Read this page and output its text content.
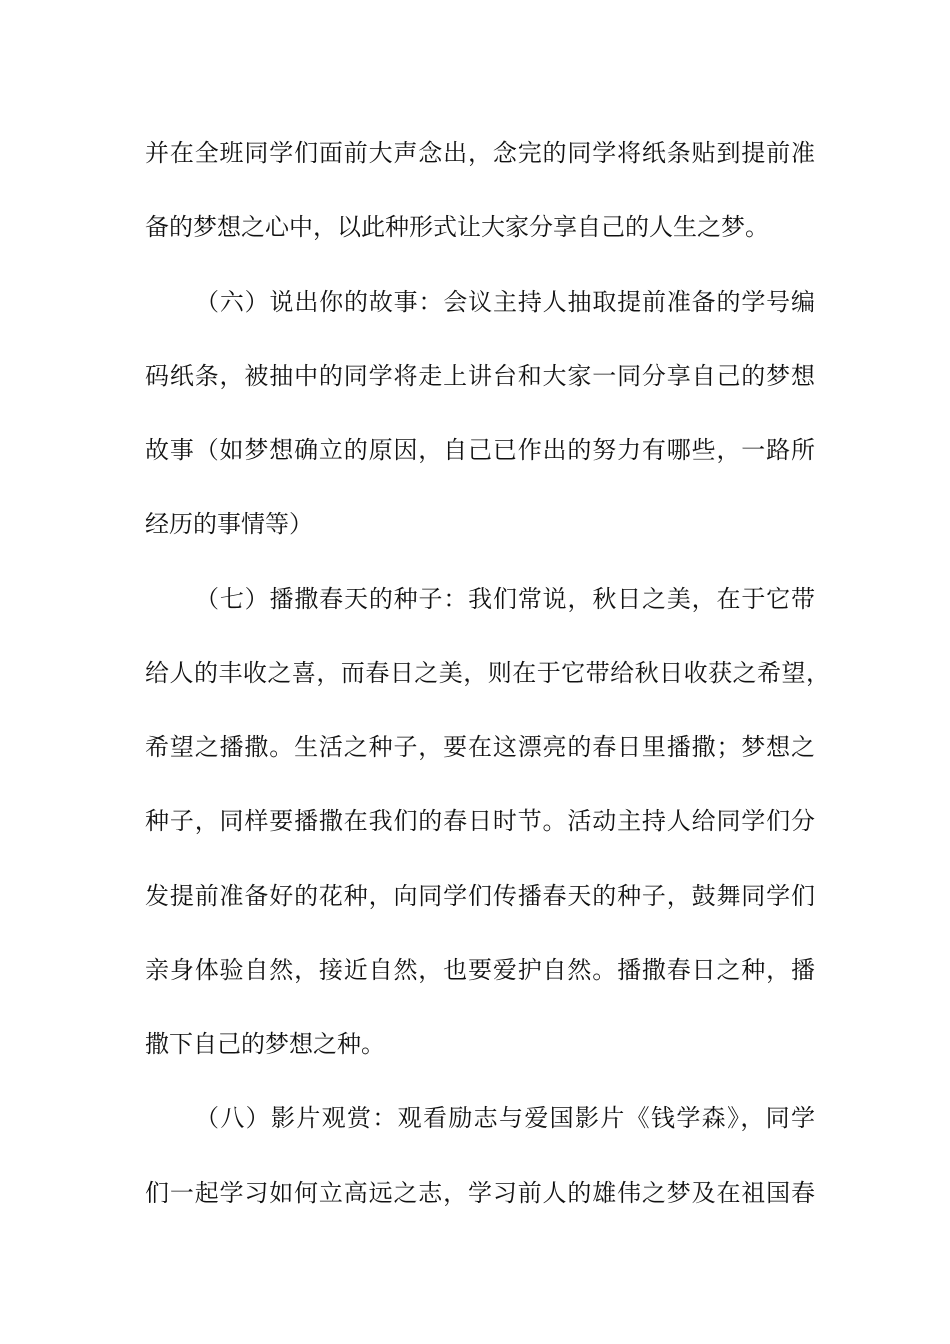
并在全班同学们面前大声念出，念完的同学将纸条贴到提前准
备的梦想之心中，以此种形式让大家分享自己的人生之梦。
（六）说出你的故事：会议主持人抽取提前准备的学号编
码纸条，被抽中的同学将走上讲台和大家一同分享自己的梦想
故事（如梦想确立的原因，自己已作出的努力有哪些，一路所
经历的事情等）
（七）播撒春天的种子：我们常说，秋日之美，在于它带
给人的丰收之喜，而春日之美，则在于它带给秋日收获之希望，
希望之播撒。生活之种子，要在这漂亮的春日里播撒；梦想之
种子，同样要播撒在我们的春日时节。活动主持人给同学们分
发提前准备好的花种，向同学们传播春天的种子，鼓舞同学们
亲身体验自然，接近自然，也要爱护自然。播撒春日之种，播
撒下自己的梦想之种。
（八）影片观赏：观看励志与爱国影片《钱学森》，同学
们一起学习如何立高远之志，学习前人的雄伟之梦及在祖国春
